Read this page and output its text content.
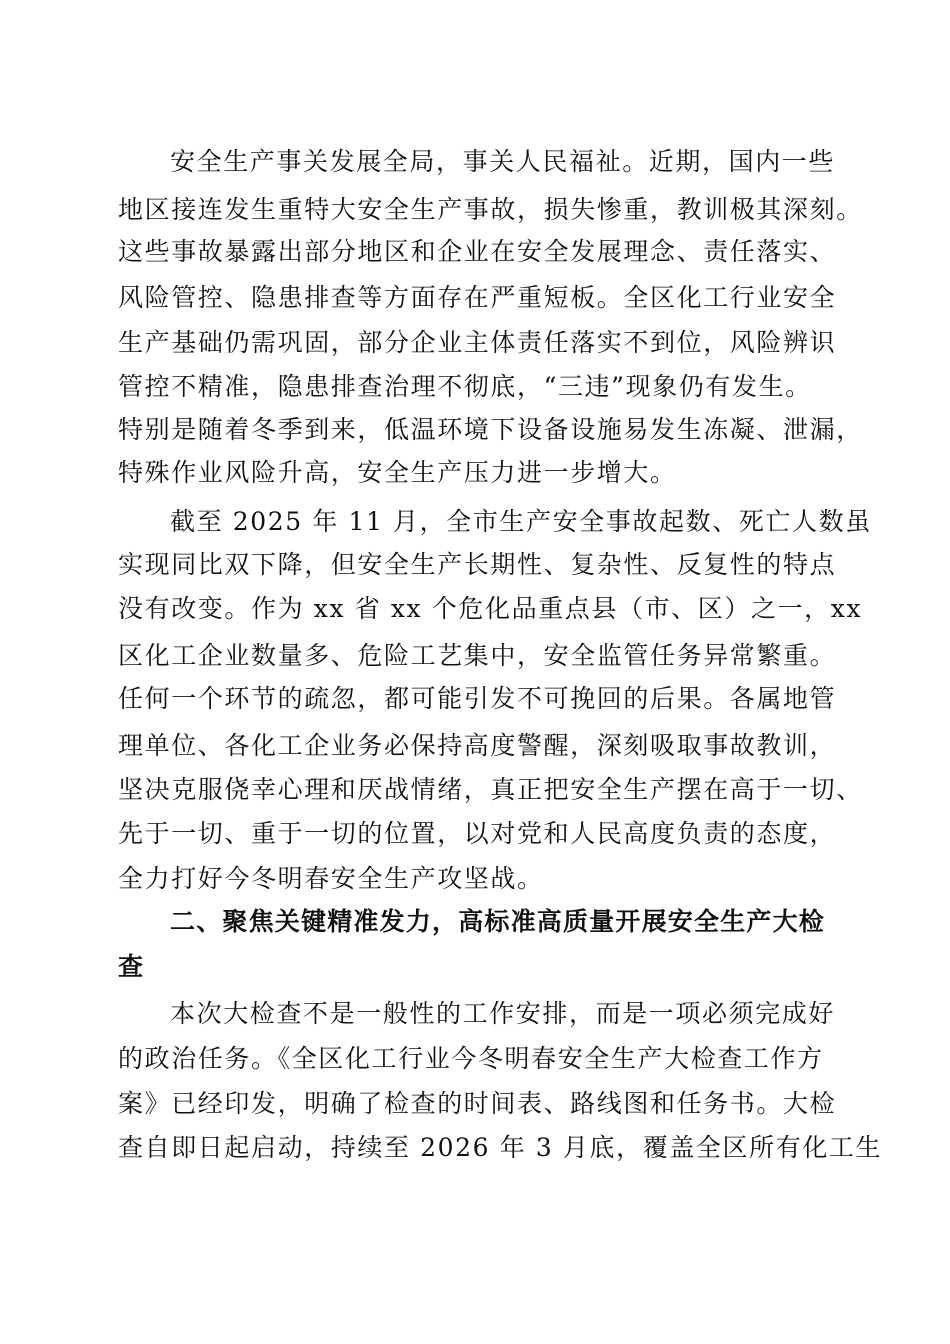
安全生产事关发展全局，事关人民福祉。近期，国内一些
地区接连发生重特大安全生产事故，损失惨重，教训极其深刻。
这些事故暴露出部分地区和企业在安全发展理念、责任落实、
风险管控、隐患排查等方面存在严重短板。全区化工行业安全
生产基础仍需巩固，部分企业主体责任落实不到位，风险辨识
管控不精准，隐患排查治理不彻底，“三违”现象仍有发生。
特别是随着冬季到来，低温环境下设备设施易发生冻凝、泄漏，
特殊作业风险升高，安全生产压力进一步增大。
截至 2025 年 11 月，全市生产安全事故起数、死亡人数虽
实现同比双下降，但安全生产长期性、复杂性、反复性的特点
没有改变。作为 xx 省 xx 个危化品重点县（市、区）之一，xx
区化工企业数量多、危险工艺集中，安全监管任务异常繁重。
任何一个环节的疏忽，都可能引发不可挽回的后果。各属地管
理单位、各化工企业务必保持高度警醒，深刻吸取事故教训，
坚决克服侥幸心理和厌战情绪，真正把安全生产摆在高于一切、
先于一切、重于一切的位置，以对党和人民高度负责的态度，
全力打好今冬明春安全生产攻坚战。
二、聚焦关键精准发力，高标准高质量开展安全生产大检
查
本次大检查不是一般性的工作安排，而是一项必须完成好
的政治任务。《全区化工行业今冬明春安全生产大检查工作方
案》已经印发，明确了检查的时间表、路线图和任务书。大检
查自即日起启动，持续至 2026 年 3 月底，覆盖全区所有化工生
